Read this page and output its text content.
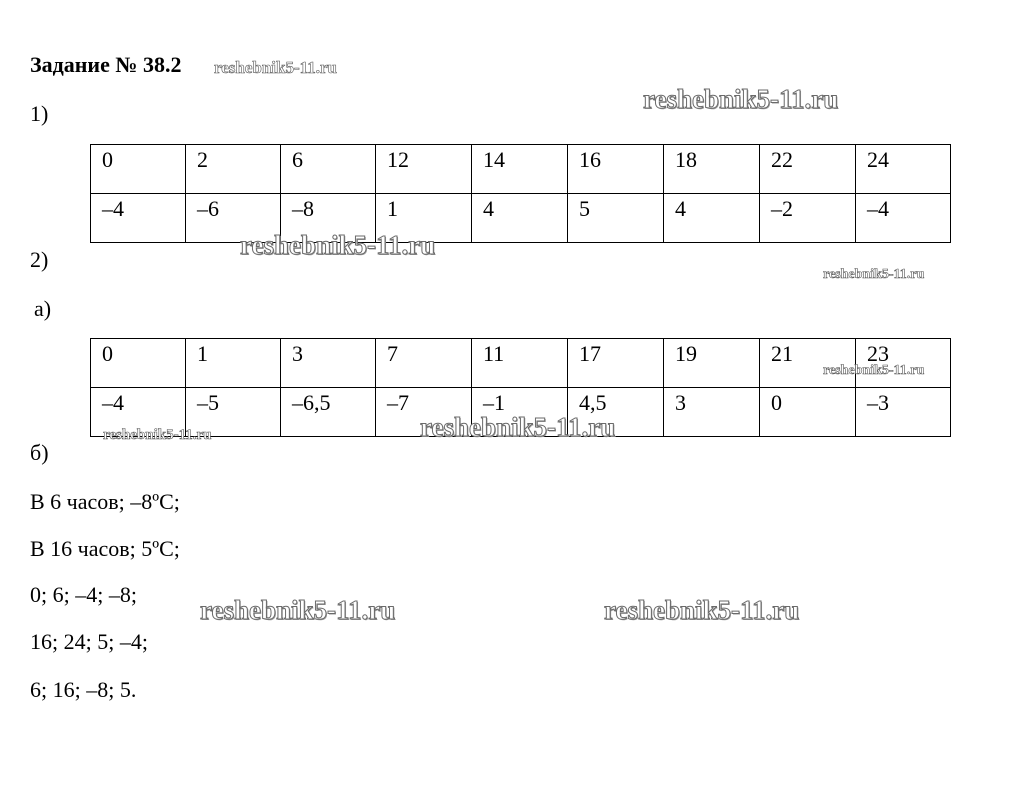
Задание № 38.2 reshebnik5-11.ru
1)	reshebnik5-11.ru
0	2	6	12	14	16	18	22	24
–4	–6	–8	1	4	5	4	–2	–4
2)	reshebnik5-11.ru
reshebnik5-11.ru
а)
0	1	3	7	11	17	19	21	23
–4	–5	–6,5	–7	–1	4,5	3	0	–3
reshebnik5-11.ru
reshebnik5-11.ru	reshebnik5-11.ru
б)
В 6 часов; –8ºС;
В 16 часов; 5ºС;
0; 6; –4; –8;
16; 24; 5; –4;
6; 16; –8; 5.
reshebnik5-11.ru	reshebnik5-11.ru
